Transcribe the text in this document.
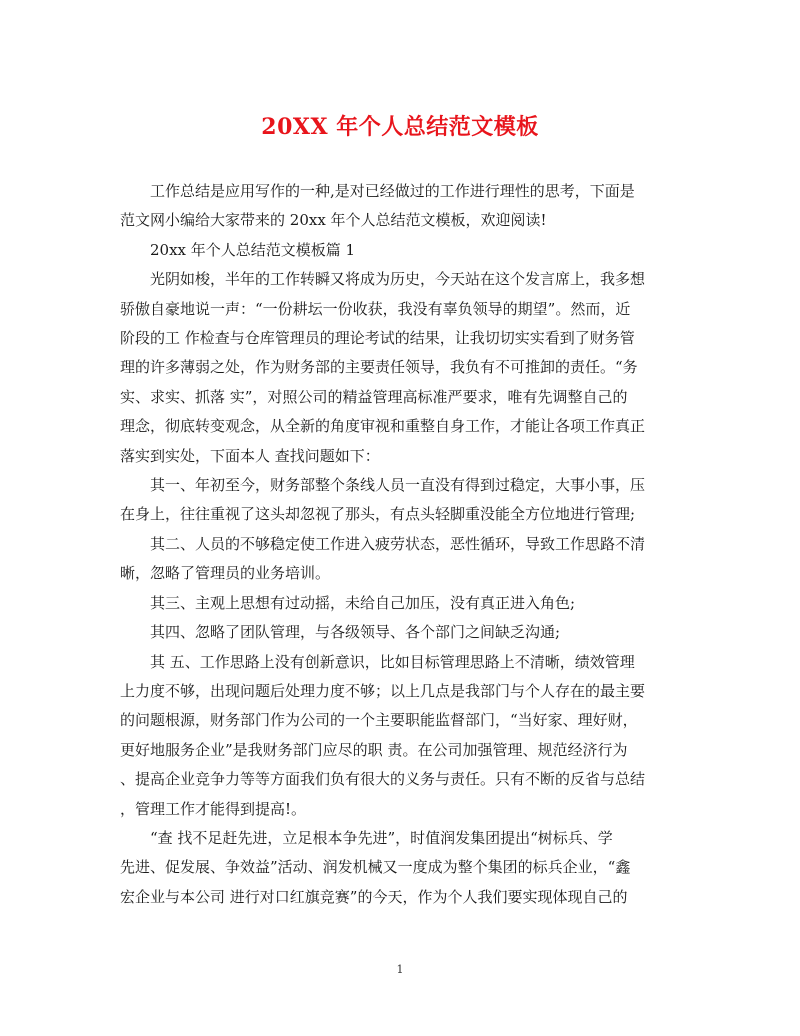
20XX 年个人总结范文模板
工作总结是应用写作的一种,是对已经做过的工作进行理性的思考，下面是
范文网小编给大家带来的 20xx 年个人总结范文模板，欢迎阅读!
20xx 年个人总结范文模板篇 1
光阴如梭，半年的工作转瞬又将成为历史，今天站在这个发言席上，我多想
骄傲自豪地说一声：“一份耕坛一份收获，我没有辜负领导的期望”。然而，近
阶段的工 作检查与仓库管理员的理论考试的结果，让我切切实实看到了财务管
理的许多薄弱之处，作为财务部的主要责任领导，我负有不可推卸的责任。“务
实、求实、抓落 实”，对照公司的精益管理高标准严要求，唯有先调整自己的
理念，彻底转变观念，从全新的角度审视和重整自身工作，才能让各项工作真正
落实到实处，下面本人 查找问题如下：
其一、年初至今，财务部整个条线人员一直没有得到过稳定，大事小事，压
在身上，往往重视了这头却忽视了那头，有点头轻脚重没能全方位地进行管理;
其二、人员的不够稳定使工作进入疲劳状态，恶性循环，导致工作思路不清
晰，忽略了管理员的业务培训。
其三、主观上思想有过动摇，未给自己加压，没有真正进入角色;
其四、忽略了团队管理，与各级领导、各个部门之间缺乏沟通;
其 五、工作思路上没有创新意识，比如目标管理思路上不清晰，绩效管理
上力度不够，出现问题后处理力度不够；以上几点是我部门与个人存在的最主要
的问题根源，财务部门作为公司的一个主要职能监督部门，“当好家、理好财，
更好地服务企业”是我财务部门应尽的职 责。在公司加强管理、规范经济行为
、提高企业竞争力等等方面我们负有很大的义务与责任。只有不断的反省与总结
，管理工作才能得到提高!。
“查 找不足赶先进，立足根本争先进”，时值润发集团提出“树标兵、学
先进、促发展、争效益”活动、润发机械又一度成为整个集团的标兵企业，“鑫
宏企业与本公司 进行对口红旗竞赛”的今天，作为个人我们要实现体现自己的
1
